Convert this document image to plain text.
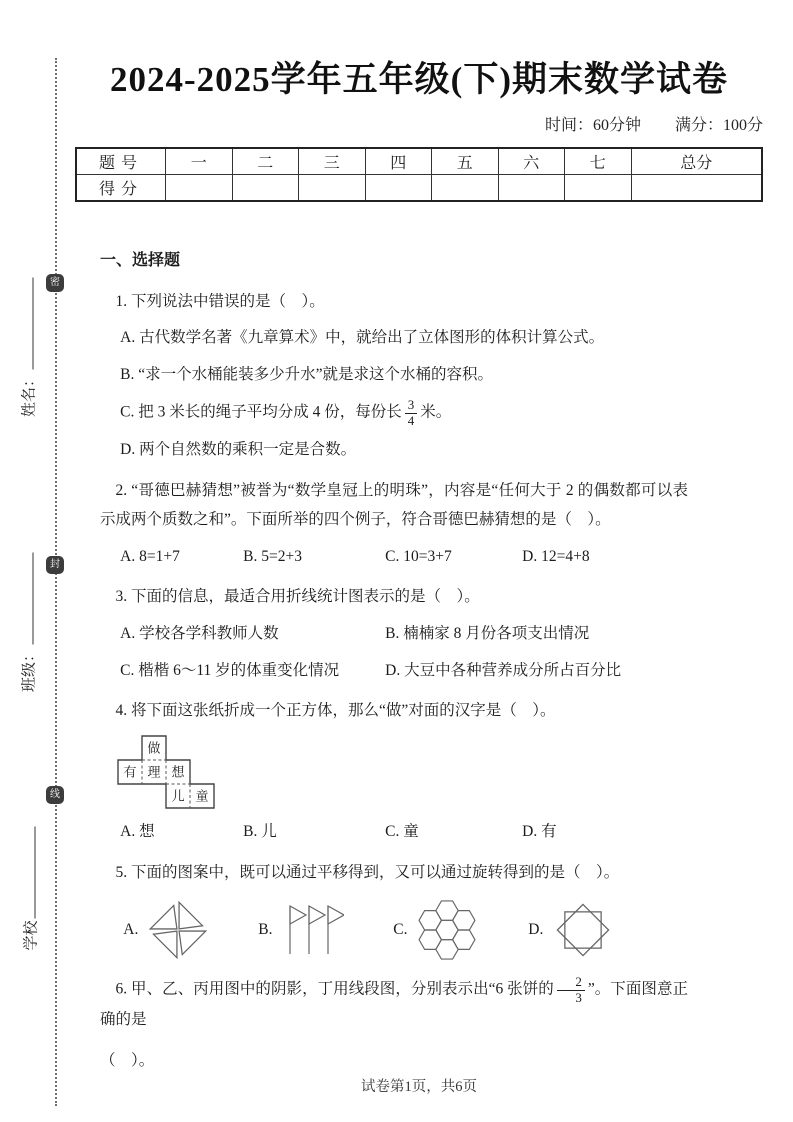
密
封
线
姓名：
班级：
学校
2024-2025学年五年级(下)期末数学试卷
时间：60分钟 满分：100分
题号	一	二	三	四	五	六	七	总分
得分								
一、选择题

1. 下列说法中错误的是（　）。

A. 古代数学名著《九章算术》中，就给出了立体图形的体积计算公式。
B. “求一个水桶能装多少升水”就是求这个水桶的容积。
C. 把 3 米长的绳子平均分成 4 份，每份长 $\frac{3}{4}$ 米。
D. 两个自然数的乘积一定是合数。

2. “哥德巴赫猜想”被誉为“数学皇冠上的明珠”，内容是“任何大于 2 的偶数都可以表示成两个质数之和”。下面所举的四个例子，符合哥德巴赫猜想的是（　）。

A. 8=1+7	B. 5=2+3	C. 10=3+7	D. 12=4+8

3. 下面的信息，最适合用折线统计图表示的是（　）。

A. 学校各学科教师人数	B. 楠楠家 8 月份各项支出情况
C. 楷楷 6～11 岁的体重变化情况	D. 大豆中各种营养成分所占百分比

4. 将下面这张纸折成一个正方体，那么“做”对面的汉字是（　）。

做
有 理 想
儿 童
A. 想	B. 儿	C. 童	D. 有

5. 下面的图案中，既可以通过平移得到，又可以通过旋转得到的是（　）。

A.	B.	C.	D.

6. 甲、乙、丙用图中的阴影，丁用线段图，分别表示出“6 张饼的 $\frac{2}{3}$ ”。下面图意正确的是

（　）。

试卷第1页，共6页
